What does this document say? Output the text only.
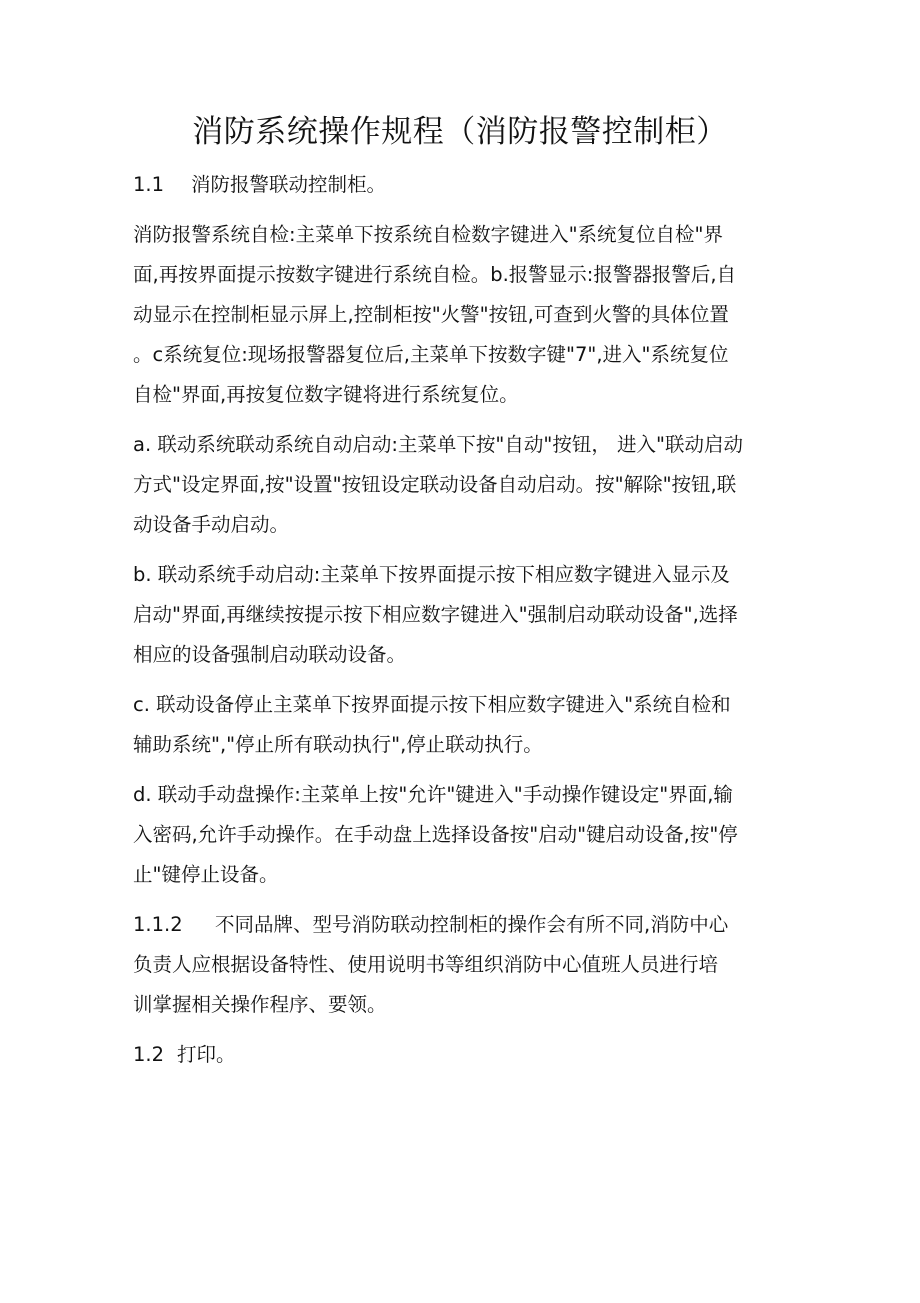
消防系统操作规程（消防报警控制柜）
1.1 消防报警联动控制柜。
消防报警系统自检:主菜单下按系统自检数字键进入"系统复位自检"界
面,再按界面提示按数字键进行系统自检。b.报警显示:报警器报警后,自
动显示在控制柜显示屏上,控制柜按"火警"按钮,可查到火警的具体位置
。c系统复位:现场报警器复位后,主菜单下按数字键"7",进入"系统复位
自检"界面,再按复位数字键将进行系统复位。
a. 联动系统联动系统自动启动:主菜单下按"自动"按钮， 进入"联动启动
方式"设定界面,按"设置"按钮设定联动设备自动启动。按"解除"按钮,联
动设备手动启动。
b. 联动系统手动启动:主菜单下按界面提示按下相应数字键进入显示及
启动"界面,再继续按提示按下相应数字键进入"强制启动联动设备",选择
相应的设备强制启动联动设备。
c. 联动设备停止主菜单下按界面提示按下相应数字键进入"系统自检和
辅助系统","停止所有联动执行",停止联动执行。
d. 联动手动盘操作:主菜单上按"允许"键进入"手动操作键设定"界面,输
入密码,允许手动操作。在手动盘上选择设备按"启动"键启动设备,按"停
止"键停止设备。
1.1.2 不同品牌、型号消防联动控制柜的操作会有所不同,消防中心
负责人应根据设备特性、使用说明书等组织消防中心值班人员进行培
训掌握相关操作程序、要领。
1.2 打印。
